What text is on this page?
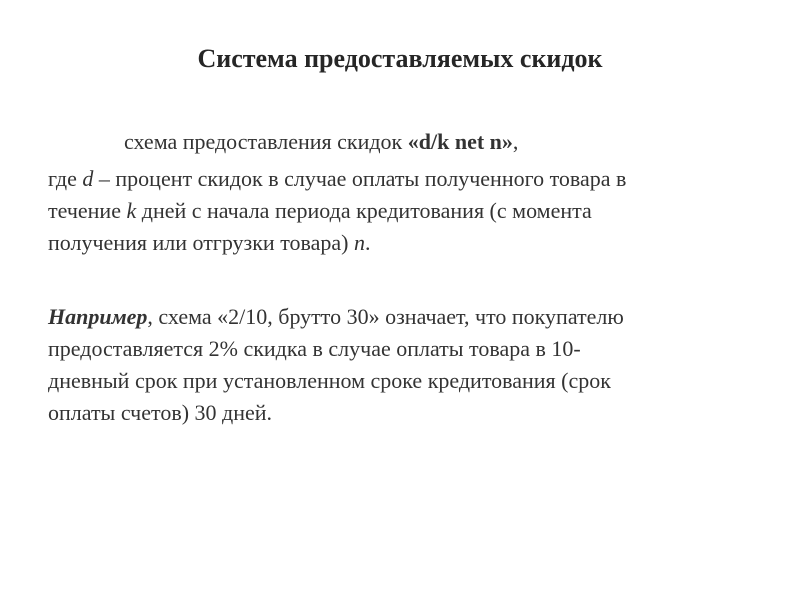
Система предоставляемых скидок
схема предоставления скидок «d/k net n»,
где d – процент скидок в случае оплаты полученного товара в
течение k дней с начала периода кредитования (с момента
получения или отгрузки товара) n.
Например, схема «2/10, брутто 30» означает, что покупателю
предоставляется 2% скидка в случае оплаты товара в 10-
дневный срок при установленном сроке кредитования (срок
оплаты счетов) 30 дней.
